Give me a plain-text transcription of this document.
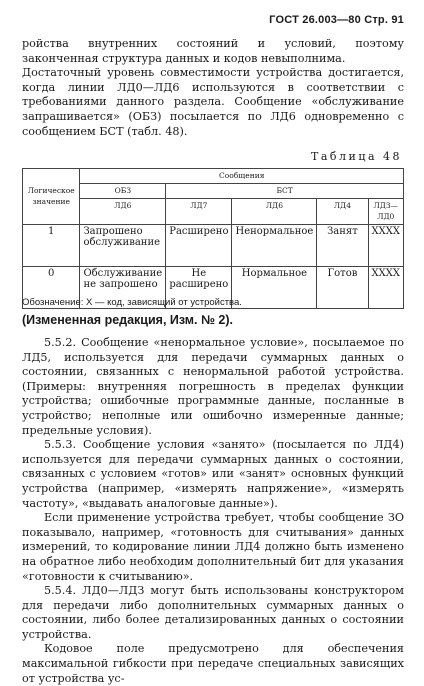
ГОСТ 26.003—80 Стр. 91

ройства внутренних состояний и условий, поэтому законченная структура данных и кодов невыполнима.

Достаточный уровень совместимости устройства достигается, когда линии ЛД0—ЛД6 используются в соответствии с требованиями данного раздела. Сообщение «обслуживание запрашивается» (ОБЗ) посылается по ЛД6 одновременно с сообщением БСТ (табл. 48).

Таблица 48
Логическое значение	Сообщения				
	ОБЗ	БСТ			
	ЛД6	ЛД7	ЛД6	ЛД4	ЛДЗ—ЛД0
1	Запрошено обслуживание	Расширено	Ненормальное	Занят	XXXX
0	Обслуживание не запрошено	Не расширено	Нормальное	Готов	XXXX
Обозначение: X — код, зависящий от устройства.
(Измененная редакция, Изм. № 2).

5.5.2. Сообщение «ненормальное условие», посылаемое по ЛД5, используется для передачи суммарных данных о состоянии, связанных с ненормальной работой устройства. (Примеры: внутренняя погрешность в пределах функции устройства; ошибочные программные данные, посланные в устройство; неполные или ошибочно измеренные данные; предельные условия).

5.5.3. Сообщение условия «занято» (посылается по ЛД4) используется для передачи суммарных данных о состоянии, связанных с условием «готов» или «занят» основных функций устройства (например, «измерять напряжение», «измерять частоту», «выдавать аналоговые данные»).

Если применение устройства требует, чтобы сообщение ЗО показывало, например, «готовность для считывания» данных измерений, то кодирование линии ЛД4 должно быть изменено на обратное либо необходим дополнительный бит для указания «готовности к считыванию».

5.5.4. ЛД0—ЛДЗ могут быть использованы конструктором для передачи либо дополнительных суммарных данных о состоянии, либо более детализированных данных о состоянии устройства.

Кодовое поле предусмотрено для обеспечения максимальной гибкости при передаче специальных зависящих от устройства ус-
